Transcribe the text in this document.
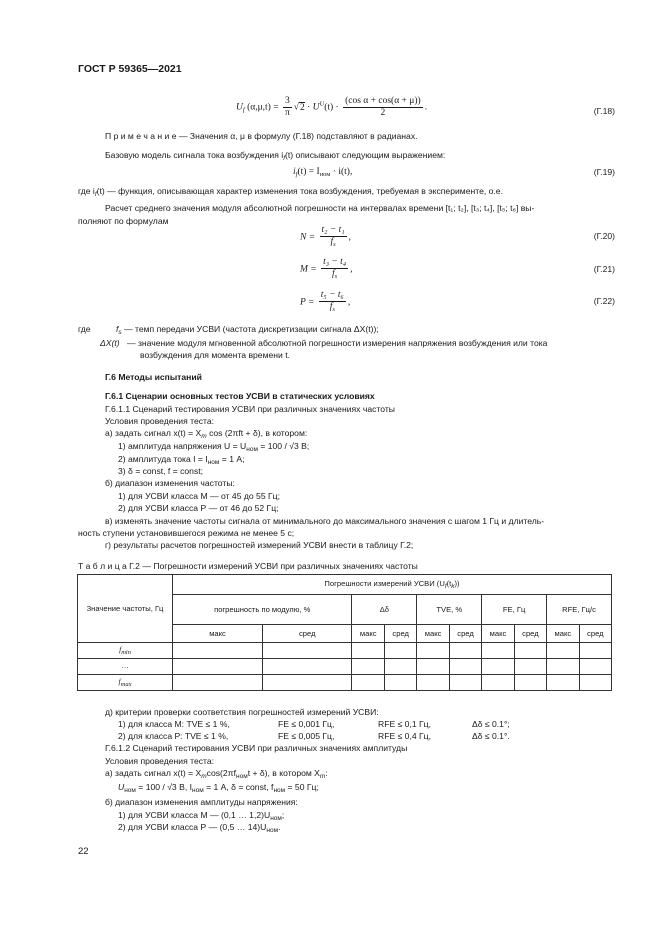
ГОСТ Р 59365—2021
$U_f$ $(\alpha,\mu,t) = \frac{3}{\pi} √2 \cdot U^U(t) \cdot \frac{\text{(cos α + cos(α + μ))}}{2}$ .	(Г.18)
П р и м е ч а н и е — Значения α, μ в формулу (Г.18) подставляют в радианах.
Базовую модель сигнала тока возбуждения $i_f(t)$ описывают следующим выражением:
$i_f(t) = I_{ном} \cdot i(t)$,	(Г.19)
где $i_f(t)$ — функция, описывающая характер изменения тока возбуждения, требуемая в эксперименте, о.е.
Расчет среднего значения модуля абсолютной погрешности на интервалах времени [t₁; t₂], [t₃; t₄], [t₅; t₆] вы-
полняют по формулам
$N = \frac{\text{t₂ − t₁}}{f_s}$ ,	(Г.20)
$M = \frac{\text{t₃ − t₄}}{f_s}$ ,	(Г.21)
$P = \frac{\text{t₅ − t₆}}{f_s}$ ,	(Г.22)
где	$f_s$ — темп передачи УСВИ (частота дискретизации сигнала ΔX(t));
ΔX(t) — значение модуля мгновенной абсолютной погрешности измерения напряжения возбуждения или тока
возбуждения для момента времени t.
Г.6 Методы испытаний
Г.6.1 Сценарии основных тестов УСВИ в статических условиях
Г.6.1.1 Сценарий тестирования УСВИ при различных значениях частоты
Условия проведения теста:
а) задать сигнал $x(t) = X_m$ cos (2πft + δ), в котором:
1) амплитуда напряжения $U = U_{ном} = 100 / √3$ В;
2) амплитуда тока $I = I_{ном} = 1$ А;
3) δ = const, f = const;
б) диапазон изменения частоты:
1) для УСВИ класса М — от 45 до 55 Гц;
2) для УСВИ класса Р — от 46 до 52 Гц;
в) изменять значение частоты сигнала от минимального до максимального значения с шагом 1 Гц и длитель-
ность ступени установившегося режима не менее 5 с;
г) результаты расчетов погрешностей измерений УСВИ внести в таблицу Г.2;
Т а б л и ц а Г.2 — Погрешности измерений УСВИ при различных значениях частоты
Значение частоты, Гц	Погрешности измерений УСВИ $(U_f(t_k))$									
	погрешность по модулю, %		Δδ		TVE, %		FE, Гц		RFE, Гц/с	
	макс	сред	макс	сред	макс	сред	макс	сред	макс	сред
$f_{min}$										
…										
$f_{max}$										
д) критерии проверки соответствия погрешностей измерений УСВИ:
1) для класса М: TVE ≤ 1 %,	FE ≤ 0,001 Гц,	RFE ≤ 0,1 Гц,	Δδ ≤ 0.1°;
2) для класса Р: TVE ≤ 1 %,	FE ≤ 0,005 Гц,	RFE ≤ 0,4 Гц,	Δδ ≤ 0.1°.
Г.6.1.2 Сценарий тестирования УСВИ при различных значениях амплитуды
Условия проведения теста:
а) задать сигнал $x(t) = X_m\cos(2\pi f_{ном}t + \delta)$, в котором $X_m$:
$U_{ном} = 100 / √3$ В, $I_{ном} = 1$ А, δ = const, $f_{ном} = 50$ Гц;
б) диапазон изменения амплитуды напряжения:
1) для УСВИ класса М — (0,1 … $1,2)U_{ном}$;
2) для УСВИ класса Р — (0,5 … $14)U_{ном}$.
22
